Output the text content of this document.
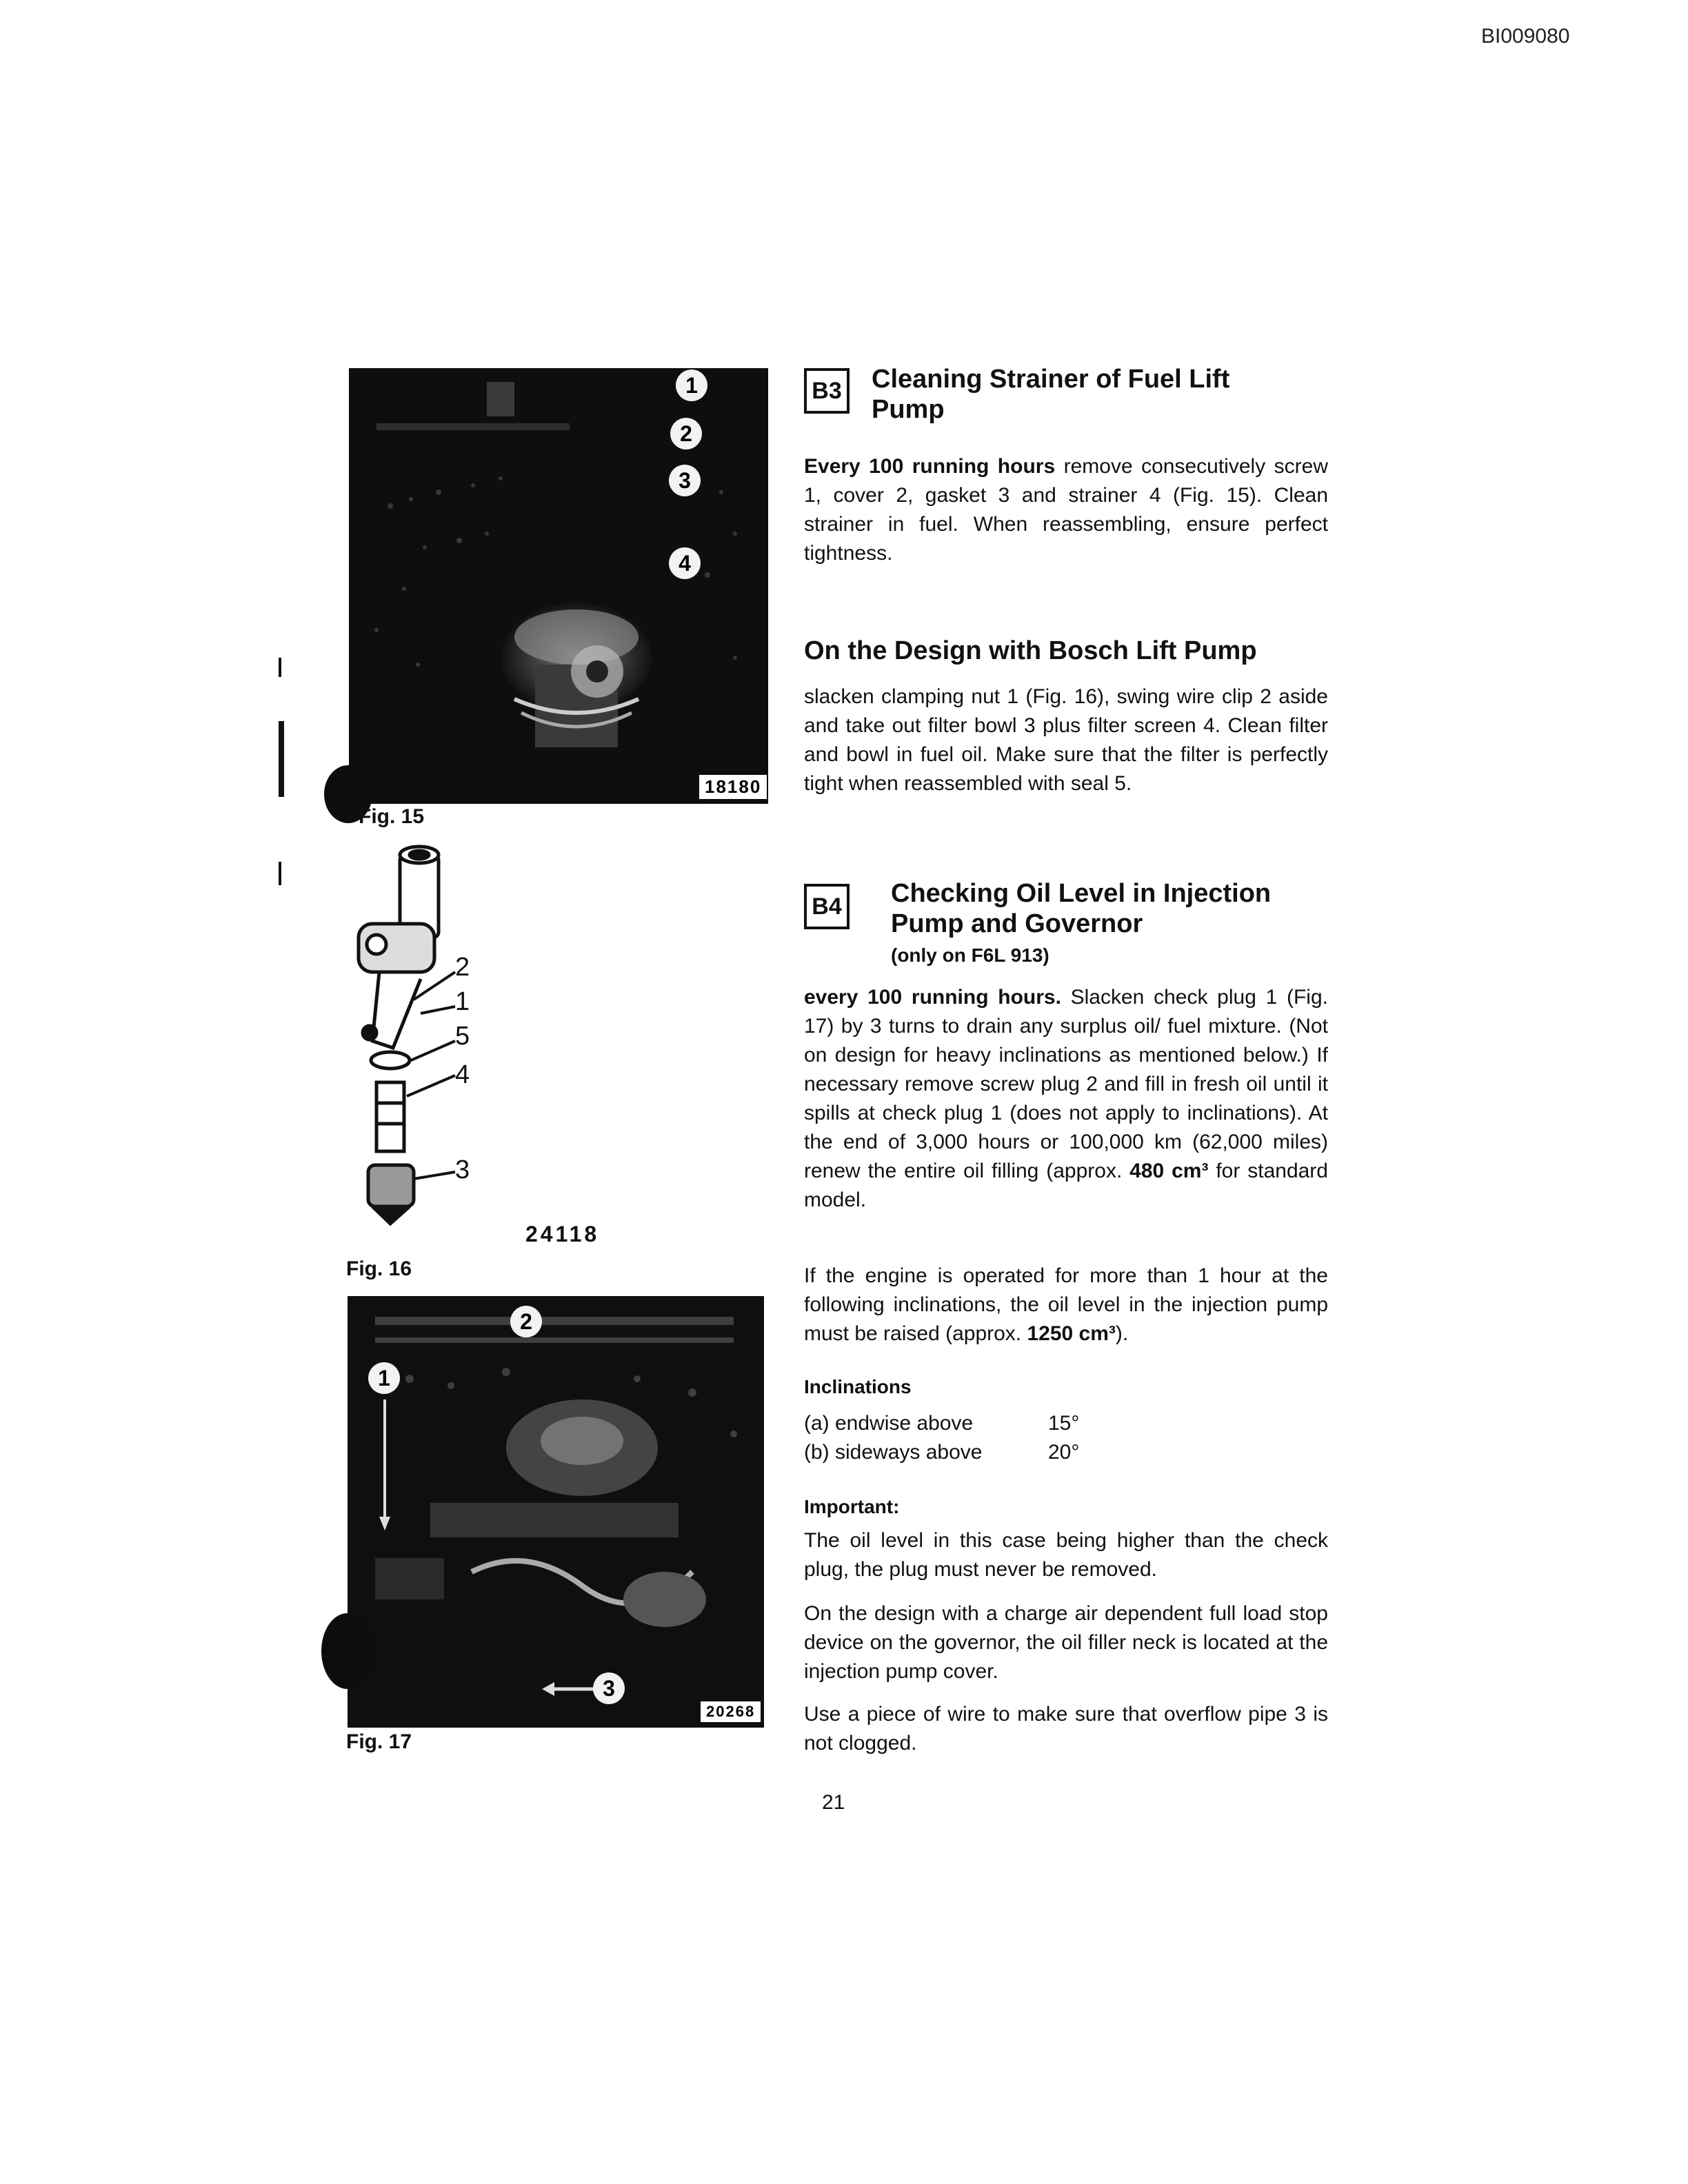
BI009080
1
2
3
4
18180
Fig. 15
2
1
5
4
3
24118
Fig. 16
2
1
3
20268
Fig. 17
B3 Cleaning Strainer of Fuel Lift Pump
Every 100 running hours remove consecutively screw 1, cover 2, gasket 3 and strainer 4 (Fig. 15). Clean strainer in fuel. When reassembling, ensure perfect tightness.
On the Design with Bosch Lift Pump
slacken clamping nut 1 (Fig. 16), swing wire clip 2 aside and take out filter bowl 3 plus filter screen 4. Clean filter and bowl in fuel oil. Make sure that the filter is perfectly tight when reassembled with seal 5.
B4 Checking Oil Level in Injection Pump and Governor
(only on F6L 913)
every 100 running hours. Slacken check plug 1 (Fig. 17) by 3 turns to drain any surplus oil/ fuel mixture. (Not on design for heavy inclinations as mentioned below.) If necessary remove screw plug 2 and fill in fresh oil until it spills at check plug 1 (does not apply to inclinations). At the end of 3,000 hours or 100,000 km (62,000 miles) renew the entire oil filling (approx. 480 cm³ for standard model.
If the engine is operated for more than 1 hour at the following inclinations, the oil level in the injection pump must be raised (approx. 1250 cm³).
Inclinations
(a) endwise above	15°
(b) sideways above	20°
Important:
The oil level in this case being higher than the check plug, the plug must never be removed.
On the design with a charge air dependent full load stop device on the governor, the oil filler neck is located at the injection pump cover.
Use a piece of wire to make sure that overflow pipe 3 is not clogged.
21
